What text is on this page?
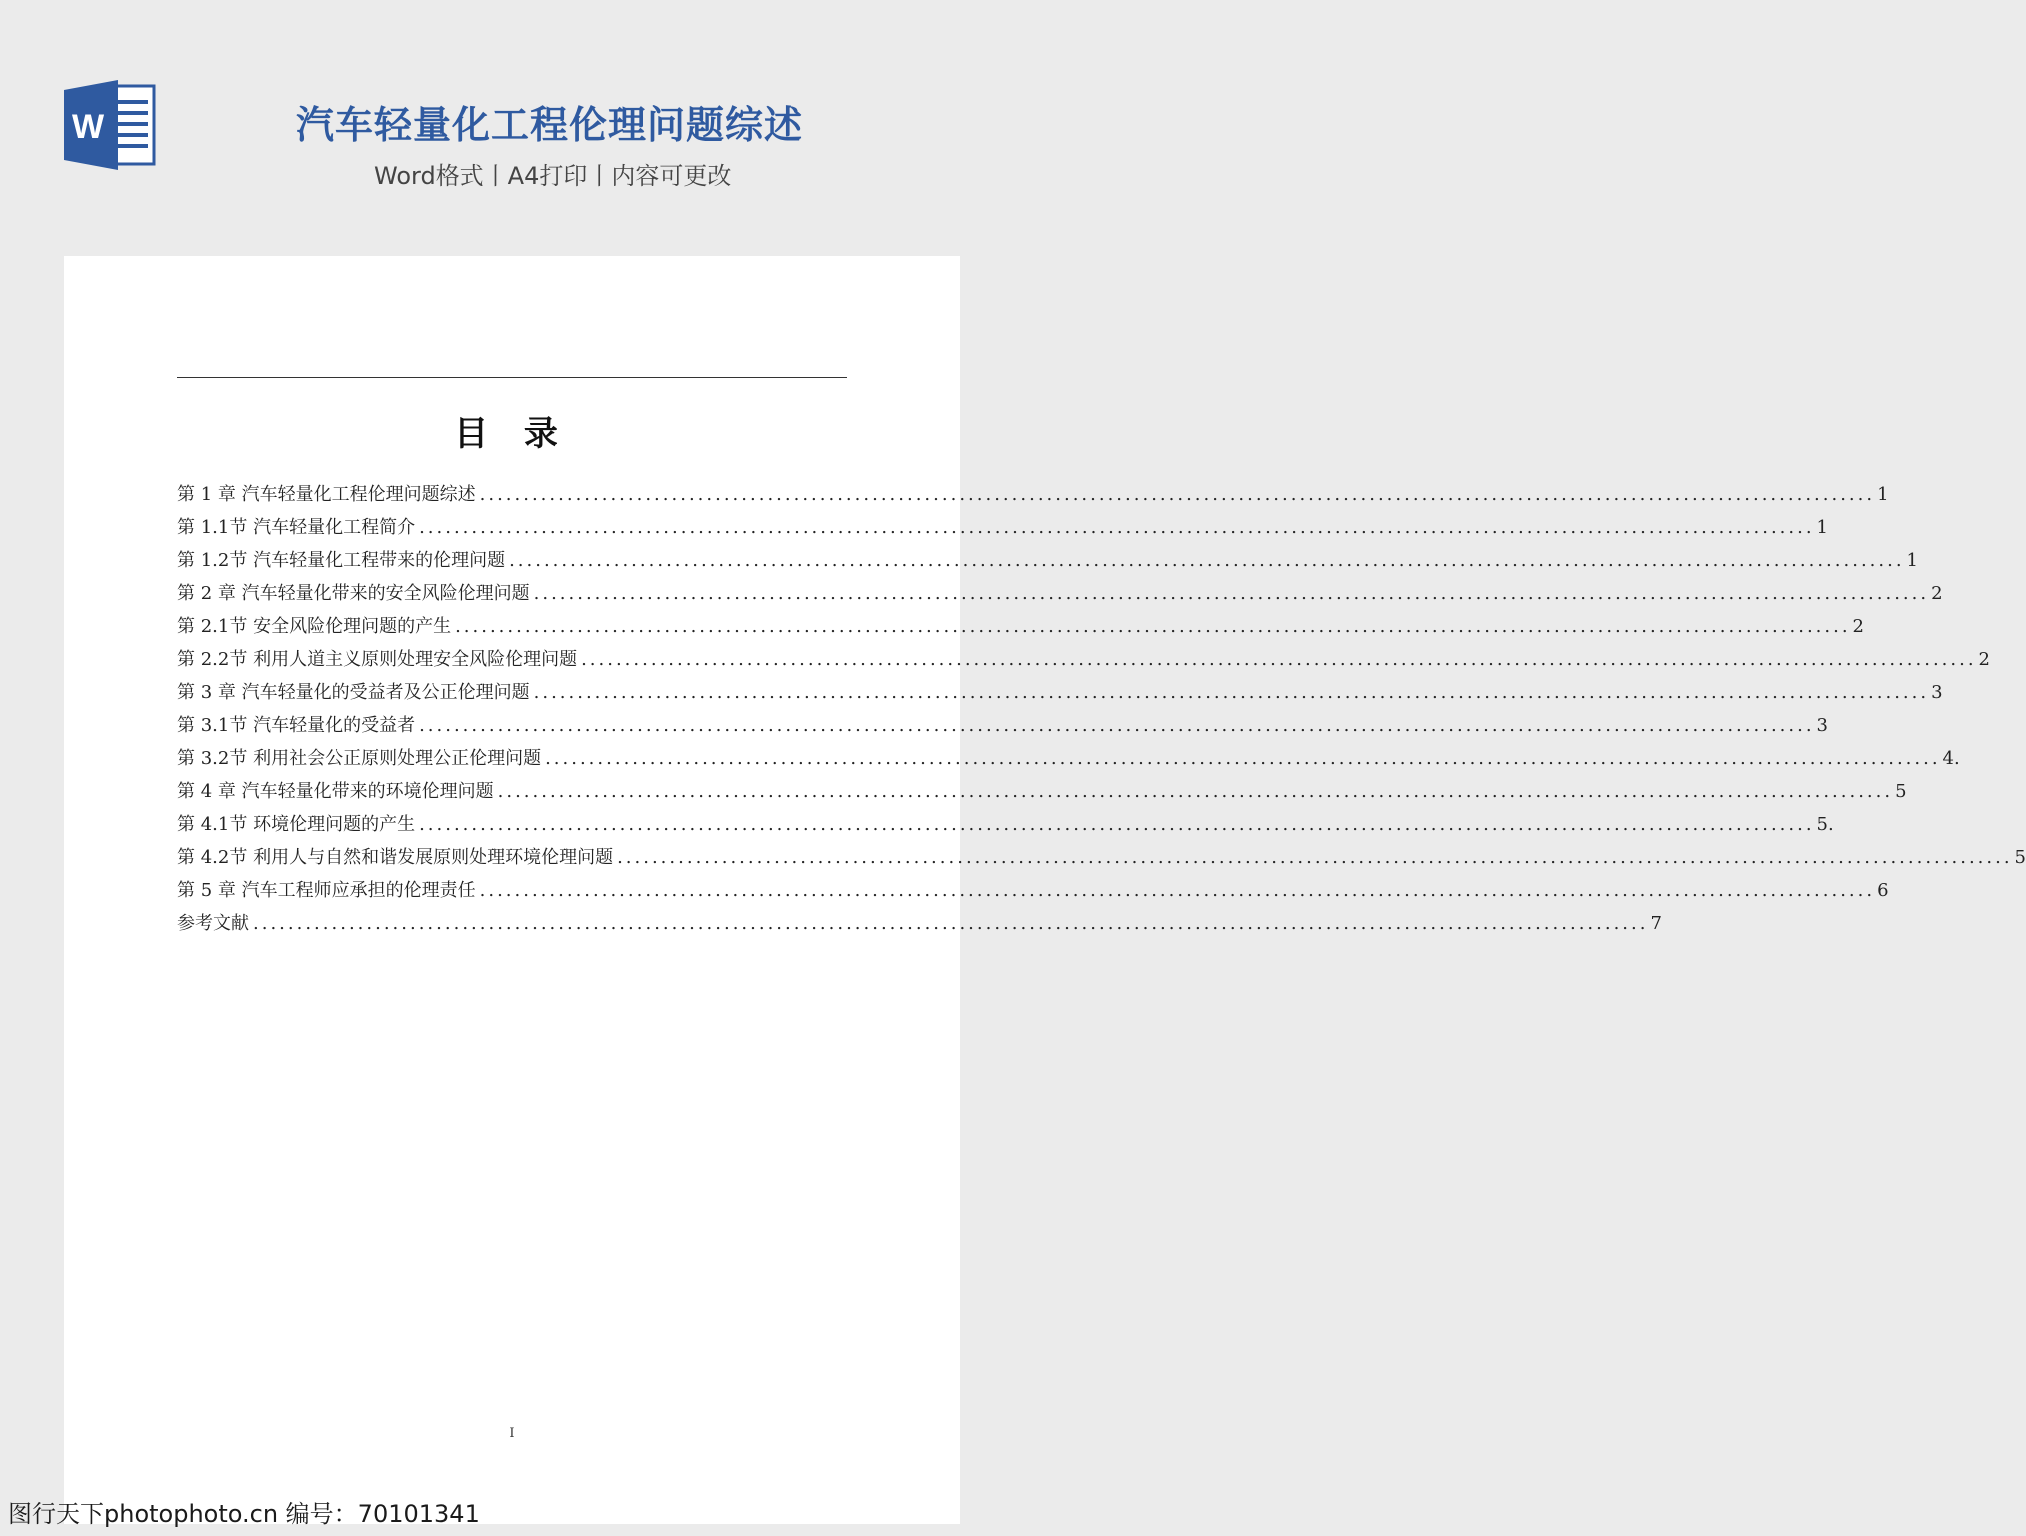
W	汽车轻量化工程伦理问题综述
Word格式丨A4打印丨内容可更改
目 录
第 1 章 汽车轻量化工程伦理问题综述 ................................................................................................................................................................ 1
第 1.1节 汽车轻量化工程简介 ................................................................................................................................................................ 1
第 1.2节 汽车轻量化工程带来的伦理问题 ................................................................................................................................................................ 1
第 2 章 汽车轻量化带来的安全风险伦理问题 ................................................................................................................................................................ 2
第 2.1节 安全风险伦理问题的产生 ................................................................................................................................................................ 2
第 2.2节 利用人道主义原则处理安全风险伦理问题 ................................................................................................................................................................ 2
第 3 章 汽车轻量化的受益者及公正伦理问题 ................................................................................................................................................................ 3
第 3.1节 汽车轻量化的受益者 ................................................................................................................................................................ 3
第 3.2节 利用社会公正原则处理公正伦理问题 ................................................................................................................................................................ 4.
第 4 章 汽车轻量化带来的环境伦理问题 ................................................................................................................................................................ 5
第 4.1节 环境伦理问题的产生 ................................................................................................................................................................ 5.
第 4.2节 利用人与自然和谐发展原则处理环境伦理问题 ................................................................................................................................................................ 5
第 5 章 汽车工程师应承担的伦理责任 ................................................................................................................................................................ 6
参考文献 ................................................................................................................................................................ 7
I
图行天下photophoto.cn 编号：70101341
